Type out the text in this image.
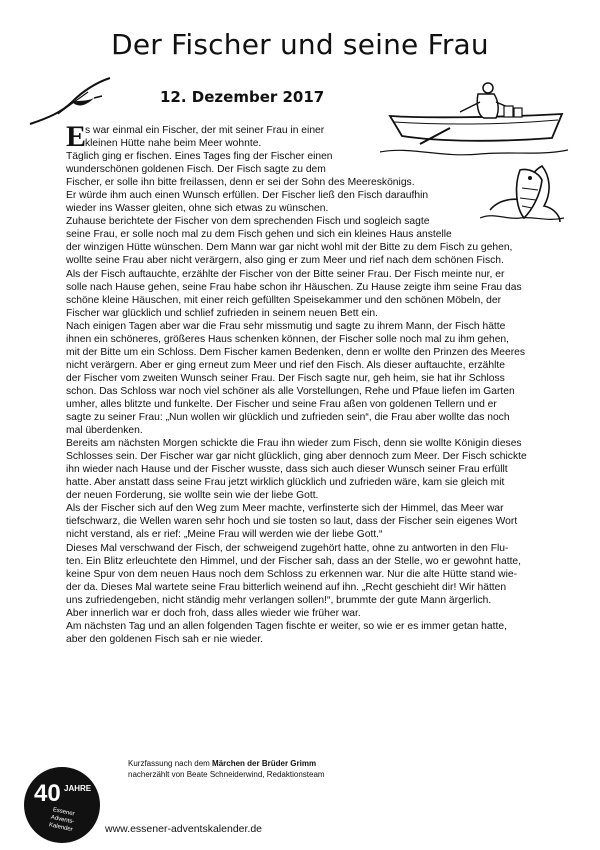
Der Fischer und seine Frau
12. Dezember 2017
E
s war einmal ein Fischer, der mit seiner Frau in einer
kleinen Hütte nahe beim Meer wohnte.
Täglich ging er fischen. Eines Tages fing der Fischer einen
wunderschönen goldenen Fisch. Der Fisch sagte zu dem
Fischer, er solle ihn bitte freilassen, denn er sei der Sohn des Meereskönigs.
Er würde ihm auch einen Wunsch erfüllen. Der Fischer ließ den Fisch daraufhin
wieder ins Wasser gleiten, ohne sich etwas zu wünschen.
Zuhause berichtete der Fischer von dem sprechenden Fisch und sogleich sagte
seine Frau, er solle noch mal zu dem Fisch gehen und sich ein kleines Haus anstelle
der winzigen Hütte wünschen. Dem Mann war gar nicht wohl mit der Bitte zu dem Fisch zu gehen,
wollte seine Frau aber nicht verärgern, also ging er zum Meer und rief nach dem schönen Fisch.
Als der Fisch auftauchte, erzählte der Fischer von der Bitte seiner Frau. Der Fisch meinte nur, er
solle nach Hause gehen, seine Frau habe schon ihr Häuschen. Zu Hause zeigte ihm seine Frau das
schöne kleine Häuschen, mit einer reich gefüllten Speisekammer und den schönen Möbeln, der
Fischer war glücklich und schlief zufrieden in seinem neuen Bett ein.
Nach einigen Tagen aber war die Frau sehr missmutig und sagte zu ihrem Mann, der Fisch hätte
ihnen ein schöneres, größeres Haus schenken können, der Fischer solle noch mal zu ihm gehen,
mit der Bitte um ein Schloss. Dem Fischer kamen Bedenken, denn er wollte den Prinzen des Meeres
nicht verärgern. Aber er ging erneut zum Meer und rief den Fisch. Als dieser auftauchte, erzählte
der Fischer vom zweiten Wunsch seiner Frau. Der Fisch sagte nur, geh heim, sie hat ihr Schloss
schon. Das Schloss war noch viel schöner als alle Vorstellungen, Rehe und Pfaue liefen im Garten
umher, alles blitzte und funkelte. Der Fischer und seine Frau aßen von goldenen Tellern und er
sagte zu seiner Frau: „Nun wollen wir glücklich und zufrieden sein“, die Frau aber wollte das noch
mal überdenken.
Bereits am nächsten Morgen schickte die Frau ihn wieder zum Fisch, denn sie wollte Königin dieses
Schlosses sein. Der Fischer war gar nicht glücklich, ging aber dennoch zum Meer. Der Fisch schickte
ihn wieder nach Hause und der Fischer wusste, dass sich auch dieser Wunsch seiner Frau erfüllt
hatte. Aber anstatt dass seine Frau jetzt wirklich glücklich und zufrieden wäre, kam sie gleich mit
der neuen Forderung, sie wollte sein wie der liebe Gott.
Als der Fischer sich auf den Weg zum Meer machte, verfinsterte sich der Himmel, das Meer war
tiefschwarz, die Wellen waren sehr hoch und sie tosten so laut, dass der Fischer sein eigenes Wort
nicht verstand, als er rief: „Meine Frau will werden wie der liebe Gott.“
Dieses Mal verschwand der Fisch, der schweigend zugehört hatte, ohne zu antworten in den Flu-
ten. Ein Blitz erleuchtete den Himmel, und der Fischer sah, dass an der Stelle, wo er gewohnt hatte,
keine Spur von dem neuen Haus noch dem Schloss zu erkennen war. Nur die alte Hütte stand wie-
der da. Dieses Mal wartete seine Frau bitterlich weinend auf ihn. „Recht geschieht dir! Wir hätten
uns zufriedengeben, nicht ständig mehr verlangen sollen!“, brummte der gute Mann ärgerlich.
Aber innerlich war er doch froh, dass alles wieder wie früher war.
Am nächsten Tag und an allen folgenden Tagen fischte er weiter, so wie er es immer getan hatte,
aber den goldenen Fisch sah er nie wieder.
Kurzfassung nach dem Märchen der Brüder Grimm
nacherzählt von Beate Schneiderwind, Redaktionsteam
40 JAHRE
Essener
Advents-
Kalender	www.essener-adventskalender.de
